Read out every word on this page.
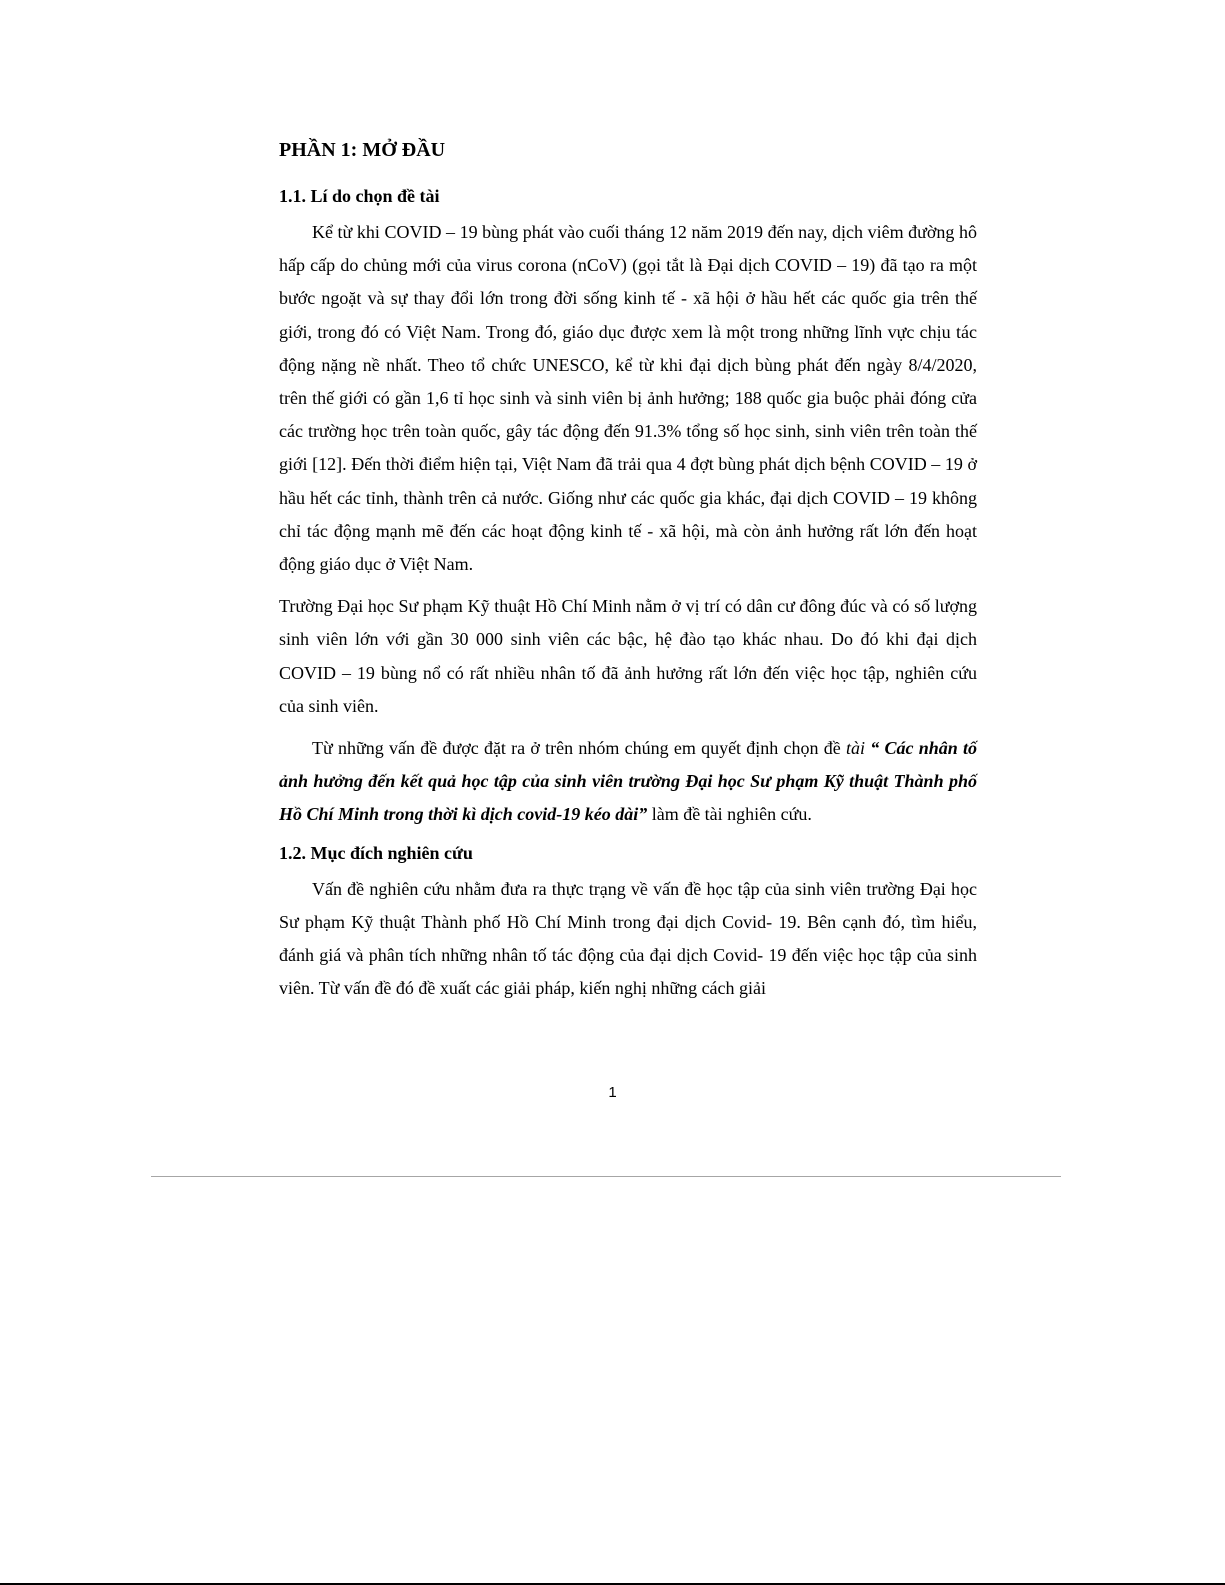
PHẦN 1: MỞ ĐẦU
1.1. Lí do chọn đề tài

Kể từ khi COVID – 19 bùng phát vào cuối tháng 12 năm 2019 đến nay, dịch viêm đường hô hấp cấp do chủng mới của virus corona (nCoV) (gọi tắt là Đại dịch COVID – 19) đã tạo ra một bước ngoặt và sự thay đổi lớn trong đời sống kinh tế - xã hội ở hầu hết các quốc gia trên thế giới, trong đó có Việt Nam. Trong đó, giáo dục được xem là một trong những lĩnh vực chịu tác động nặng nề nhất. Theo tổ chức UNESCO, kể từ khi đại dịch bùng phát đến ngày 8/4/2020, trên thế giới có gần 1,6 tỉ học sinh và sinh viên bị ảnh hưởng; 188 quốc gia buộc phải đóng cửa các trường học trên toàn quốc, gây tác động đến 91.3% tổng số học sinh, sinh viên trên toàn thế giới [12]. Đến thời điểm hiện tại, Việt Nam đã trải qua 4 đợt bùng phát dịch bệnh COVID – 19 ở hầu hết các tỉnh, thành trên cả nước. Giống như các quốc gia khác, đại dịch COVID – 19 không chỉ tác động mạnh mẽ đến các hoạt động kinh tế - xã hội, mà còn ảnh hưởng rất lớn đến hoạt động giáo dục ở Việt Nam.

Trường Đại học Sư phạm Kỹ thuật Hồ Chí Minh nằm ở vị trí có dân cư đông đúc và có số lượng sinh viên lớn với gần 30 000 sinh viên các bậc, hệ đào tạo khác nhau. Do đó khi đại dịch COVID – 19 bùng nổ có rất nhiều nhân tố đã ảnh hưởng rất lớn đến việc học tập, nghiên cứu của sinh viên.

Từ những vấn đề được đặt ra ở trên nhóm chúng em quyết định chọn đề tài “ Các nhân tố ảnh hưởng đến kết quả học tập của sinh viên trường Đại học Sư phạm Kỹ thuật Thành phố Hồ Chí Minh trong thời kì dịch covid-19 kéo dài” làm đề tài nghiên cứu.

1.2. Mục đích nghiên cứu

Vấn đề nghiên cứu nhằm đưa ra thực trạng về vấn đề học tập của sinh viên trường Đại học Sư phạm Kỹ thuật Thành phố Hồ Chí Minh trong đại dịch Covid- 19. Bên cạnh đó, tìm hiểu, đánh giá và phân tích những nhân tố tác động của đại dịch Covid- 19 đến việc học tập của sinh viên. Từ vấn đề đó đề xuất các giải pháp, kiến nghị những cách giải

1
